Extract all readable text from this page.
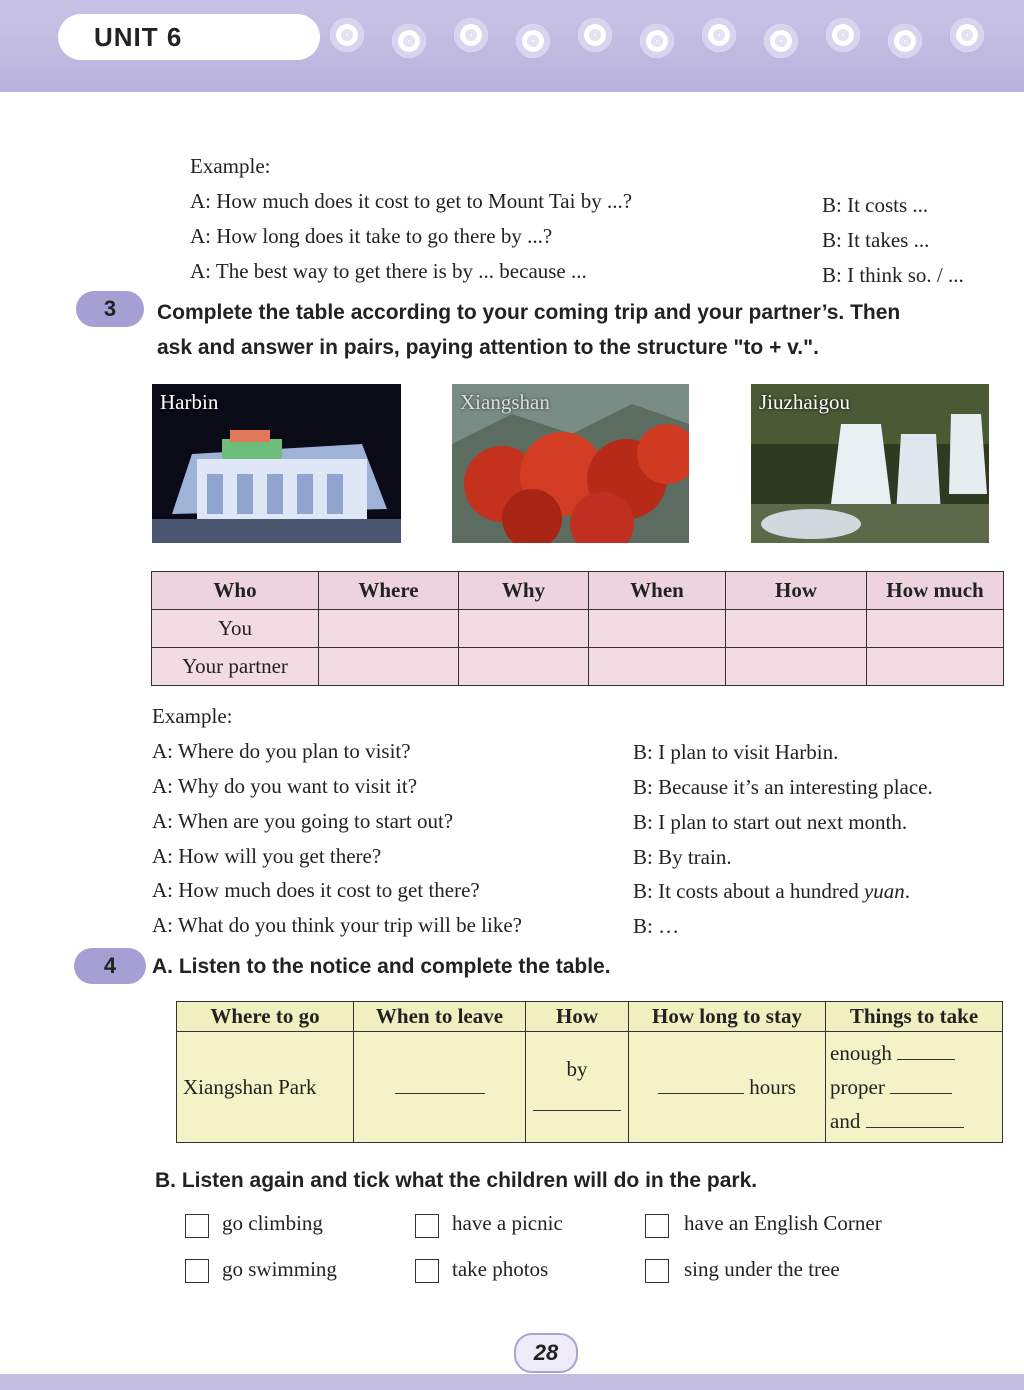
UNIT 6
Example:
A: How much does it cost to get to Mount Tai by ...?	B: It costs ...
A: How long does it take to go there by ...?	B: It takes ...
A: The best way to get there is by ... because ...	B: I think so. / ...
3	Complete the table according to your coming trip and your partner’s. Then
ask and answer in pairs, paying attention to the structure "to + v.".
Harbin	Xiangshan	Jiuzhaigou
Who	Where	Why	When	How	How much
You					
Your partner					
Example:
A: Where do you plan to visit?	B: I plan to visit Harbin.
A: Why do you want to visit it?	B: Because it’s an interesting place.
A: When are you going to start out?	B: I plan to start out next month.
A: How will you get there?	B: By train.
A: How much does it cost to get there?	B: It costs about a hundred yuan.
A: What do you think your trip will be like?	B: …
4	A. Listen to the notice and complete the table.
Where to go	When to leave	How	How long to stay	Things to take
Xiangshan Park		by	hours	enough
proper
and
B. Listen again and tick what the children will do in the park.
go climbing	have a picnic	have an English Corner
go swimming	take photos	sing under the tree
28
